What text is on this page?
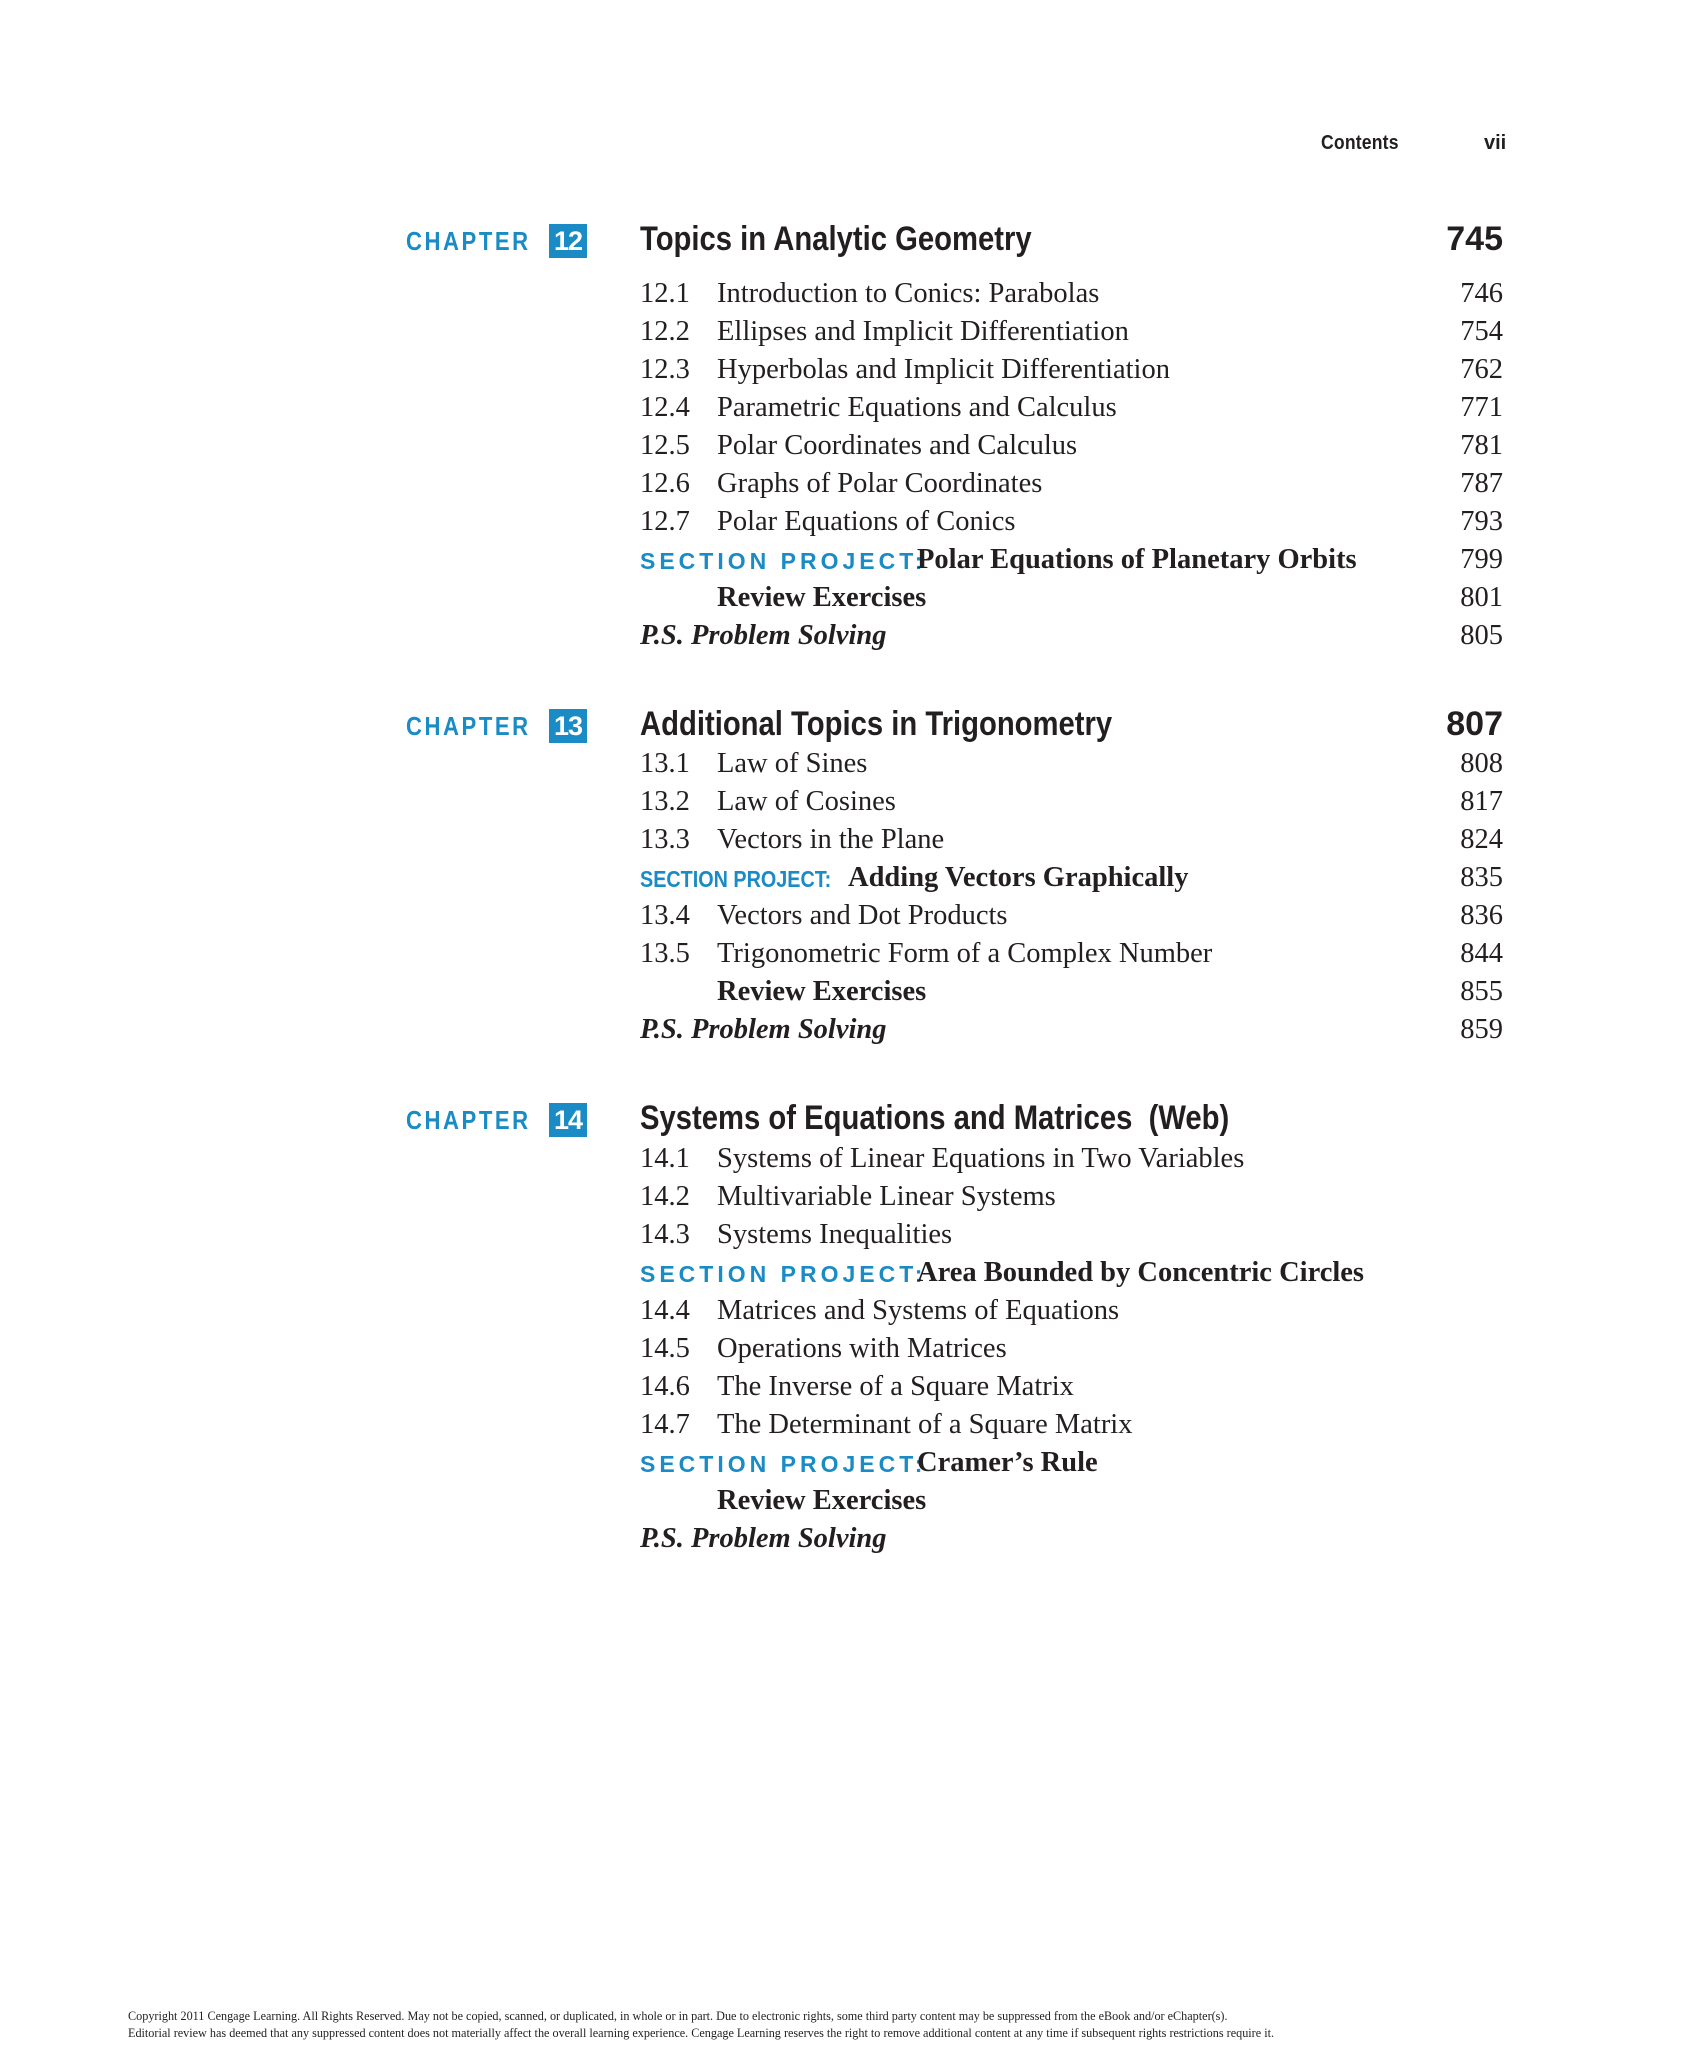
Contents	vii
CHAPTER 12 Topics in Analytic Geometry	745
12.1 Introduction to Conics: Parabolas	746
12.2 Ellipses and Implicit Differentiation	754
12.3 Hyperbolas and Implicit Differentiation	762
12.4 Parametric Equations and Calculus	771
12.5 Polar Coordinates and Calculus	781
12.6 Graphs of Polar Coordinates	787
12.7 Polar Equations of Conics	793
SECTION PROJECT:
Polar Equations of Planetary Orbits	799
Review Exercises	801
P.S. Problem Solving	805
CHAPTER 13 Additional Topics in Trigonometry	807
13.1 Law of Sines	808
13.2 Law of Cosines	817
13.3 Vectors in the Plane	824
SECTION PROJECT: Adding Vectors Graphically	835
13.4 Vectors and Dot Products	836
13.5 Trigonometric Form of a Complex Number	844
Review Exercises	855
P.S. Problem Solving	859
CHAPTER 14 Systems of Equations and Matrices  (Web)
14.1 Systems of Linear Equations in Two Variables
14.2 Multivariable Linear Systems
14.3 Systems Inequalities
SECTION PROJECT:
Area Bounded by Concentric Circles
14.4 Matrices and Systems of Equations
14.5 Operations with Matrices
14.6 The Inverse of a Square Matrix
14.7 The Determinant of a Square Matrix
SECTION PROJECT:
Cramer’s Rule
Review Exercises
P.S. Problem Solving
Copyright 2011 Cengage Learning. All Rights Reserved. May not be copied, scanned, or duplicated, in whole or in part. Due to electronic rights, some third party content may be suppressed from the eBook and/or eChapter(s).
Editorial review has deemed that any suppressed content does not materially affect the overall learning experience. Cengage Learning reserves the right to remove additional content at any time if subsequent rights restrictions require it.
